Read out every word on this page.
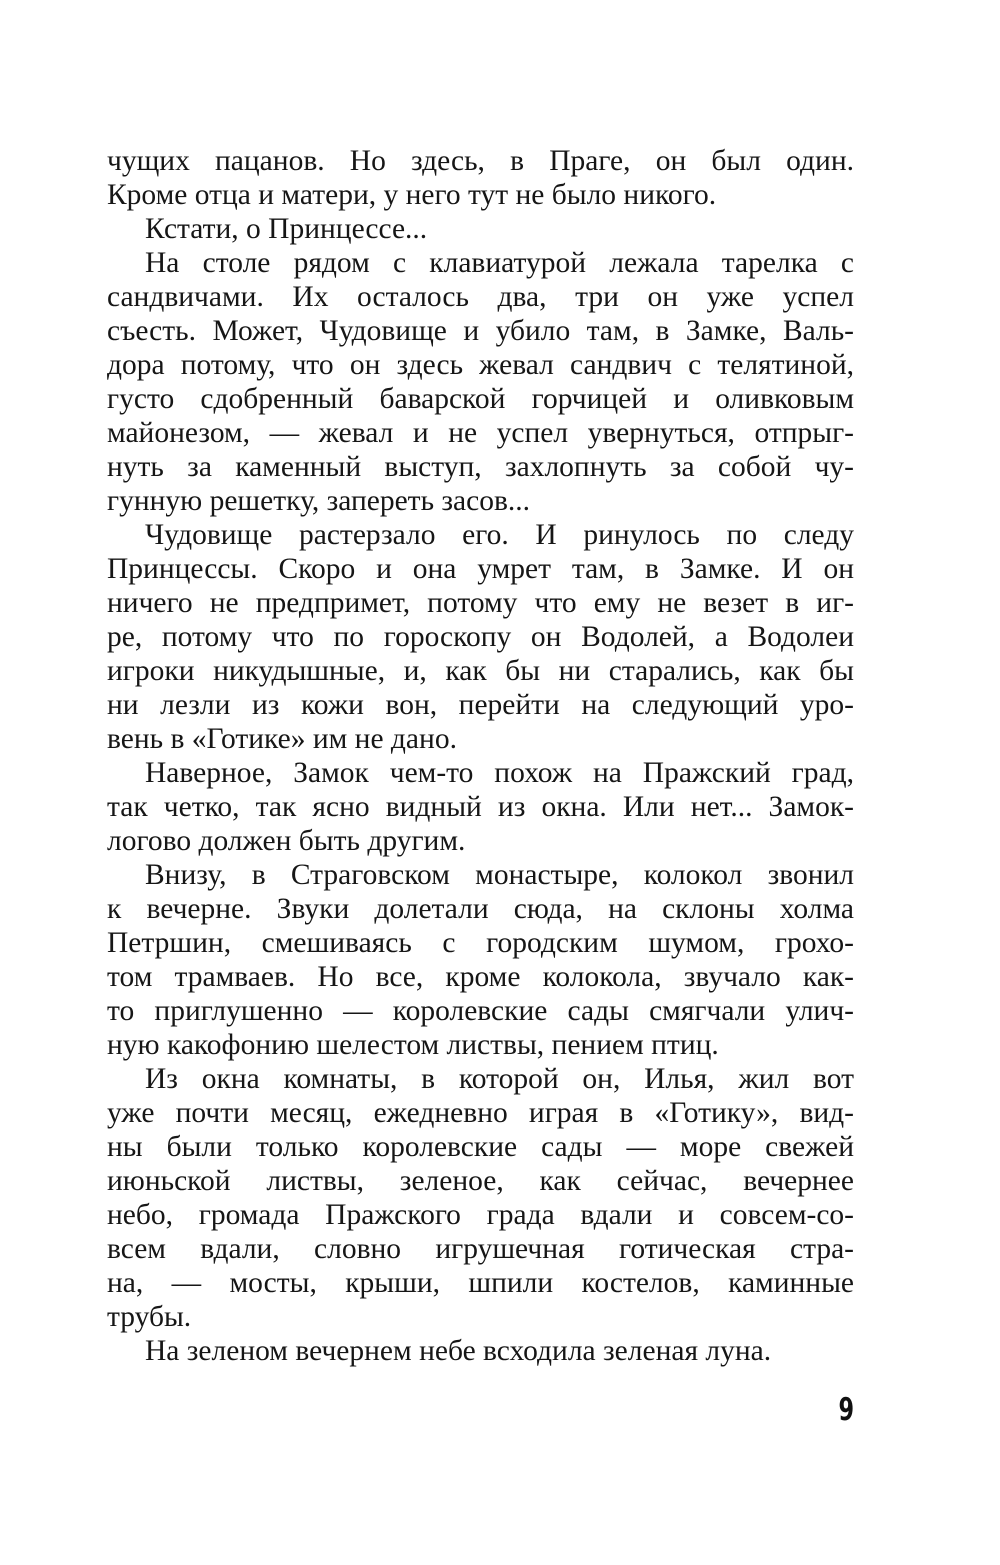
чущих пацанов. Но здесь, в Праге, он был один.
Кроме отца и матери, у него тут не было никого.
Кстати, о Принцессе...
На столе рядом с клавиатурой лежала тарелка с
сандвичами. Их осталось два, три он уже успел
съесть. Может, Чудовище и убило там, в Замке, Валь-
дора потому, что он здесь жевал сандвич с телятиной,
густо сдобренный баварской горчицей и оливковым
майонезом, — жевал и не успел увернуться, отпрыг-
нуть за каменный выступ, захлопнуть за собой чу-
гунную решетку, запереть засов...
Чудовище растерзало его. И ринулось по следу
Принцессы. Скоро и она умрет там, в Замке. И он
ничего не предпримет, потому что ему не везет в иг-
ре, потому что по гороскопу он Водолей, а Водолеи
игроки никудышные, и, как бы ни старались, как бы
ни лезли из кожи вон, перейти на следующий уро-
вень в «Готике» им не дано.
Наверное, Замок чем-то похож на Пражский град,
так четко, так ясно видный из окна. Или нет... Замок-
логово должен быть другим.
Внизу, в Страговском монастыре, колокол звонил
к вечерне. Звуки долетали сюда, на склоны холма
Петршин, смешиваясь с городским шумом, грохо-
том трамваев. Но все, кроме колокола, звучало как-
то приглушенно — королевские сады смягчали улич-
ную какофонию шелестом листвы, пением птиц.
Из окна комнаты, в которой он, Илья, жил вот
уже почти месяц, ежедневно играя в «Готику», вид-
ны были только королевские сады — море свежей
июньской листвы, зеленое, как сейчас, вечернее
небо, громада Пражского града вдали и совсем-со-
всем вдали, словно игрушечная готическая стра-
на, — мосты, крыши, шпили костелов, каминные
трубы.
На зеленом вечернем небе всходила зеленая луна.
9
